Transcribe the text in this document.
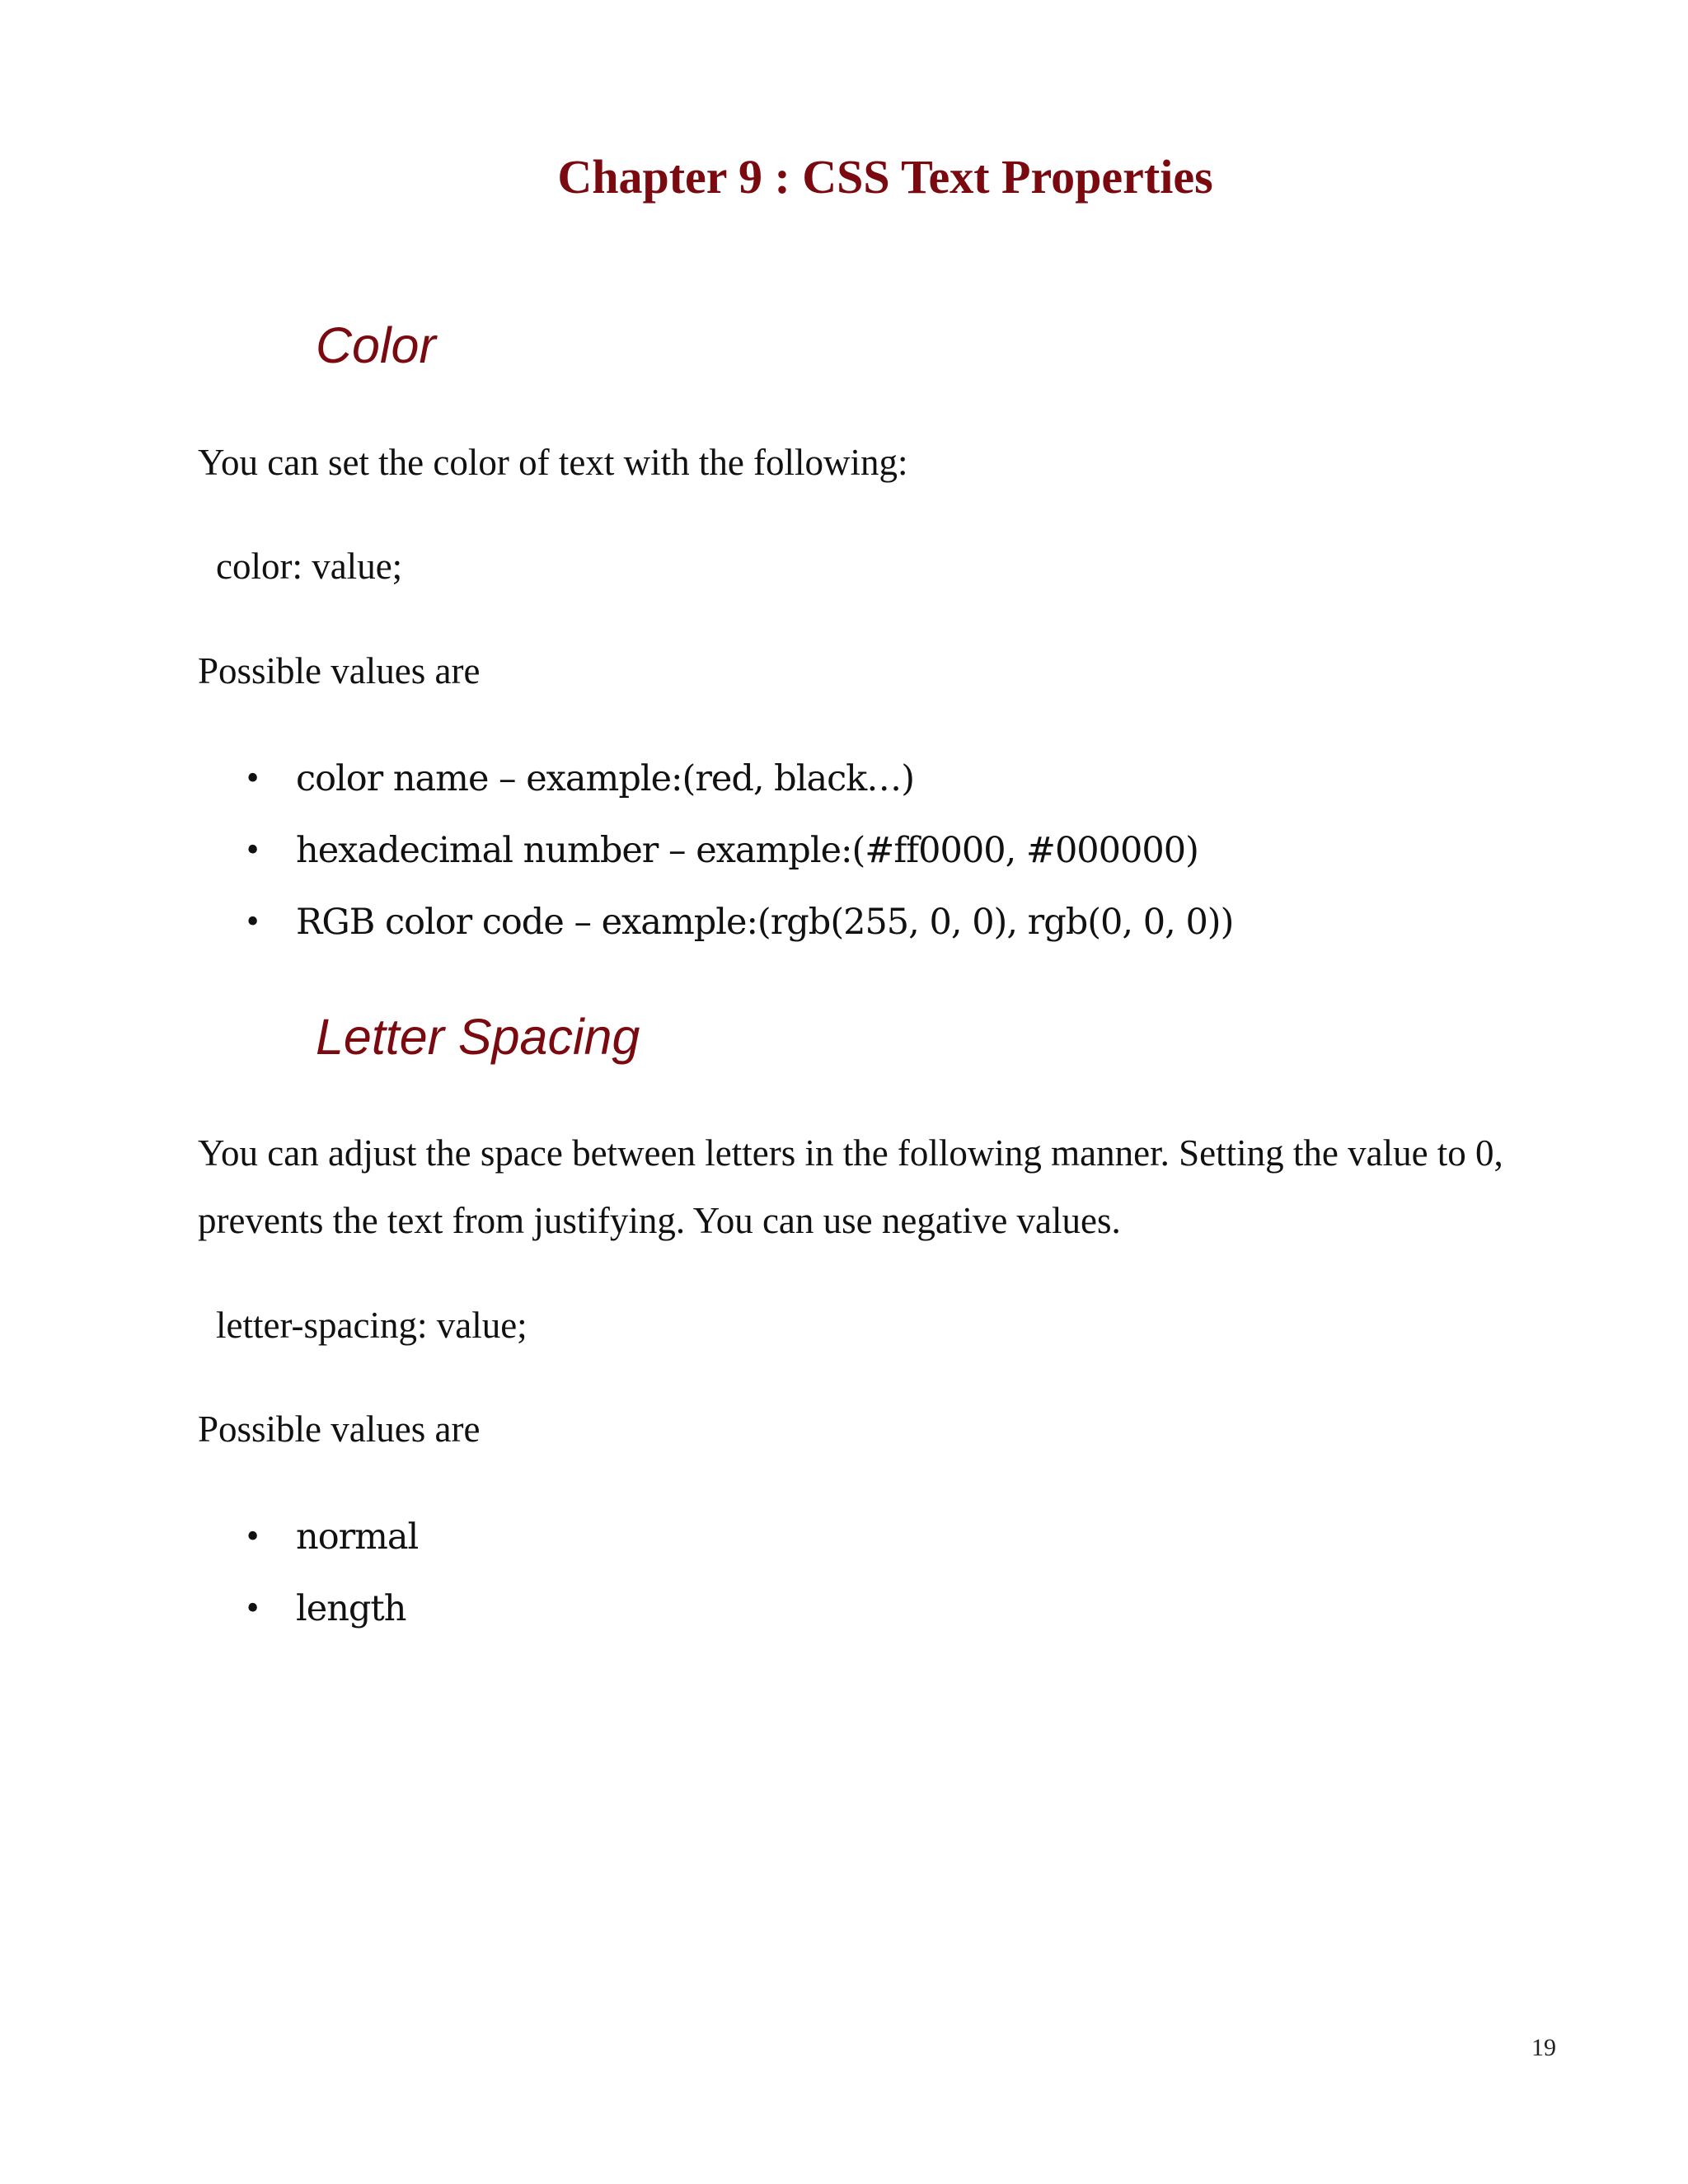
Chapter 9 : CSS Text Properties
Color

You can set the color of text with the following:

color: value;

Possible values are

• color name – example:(red, black…)
• hexadecimal number – example:(#ff0000, #000000)
• RGB color code – example:(rgb(255, 0, 0), rgb(0, 0, 0))
Letter Spacing

You can adjust the space between letters in the following manner. Setting the value to 0,

prevents the text from justifying. You can use negative values.

letter-spacing: value;

Possible values are

• normal
• length

19
